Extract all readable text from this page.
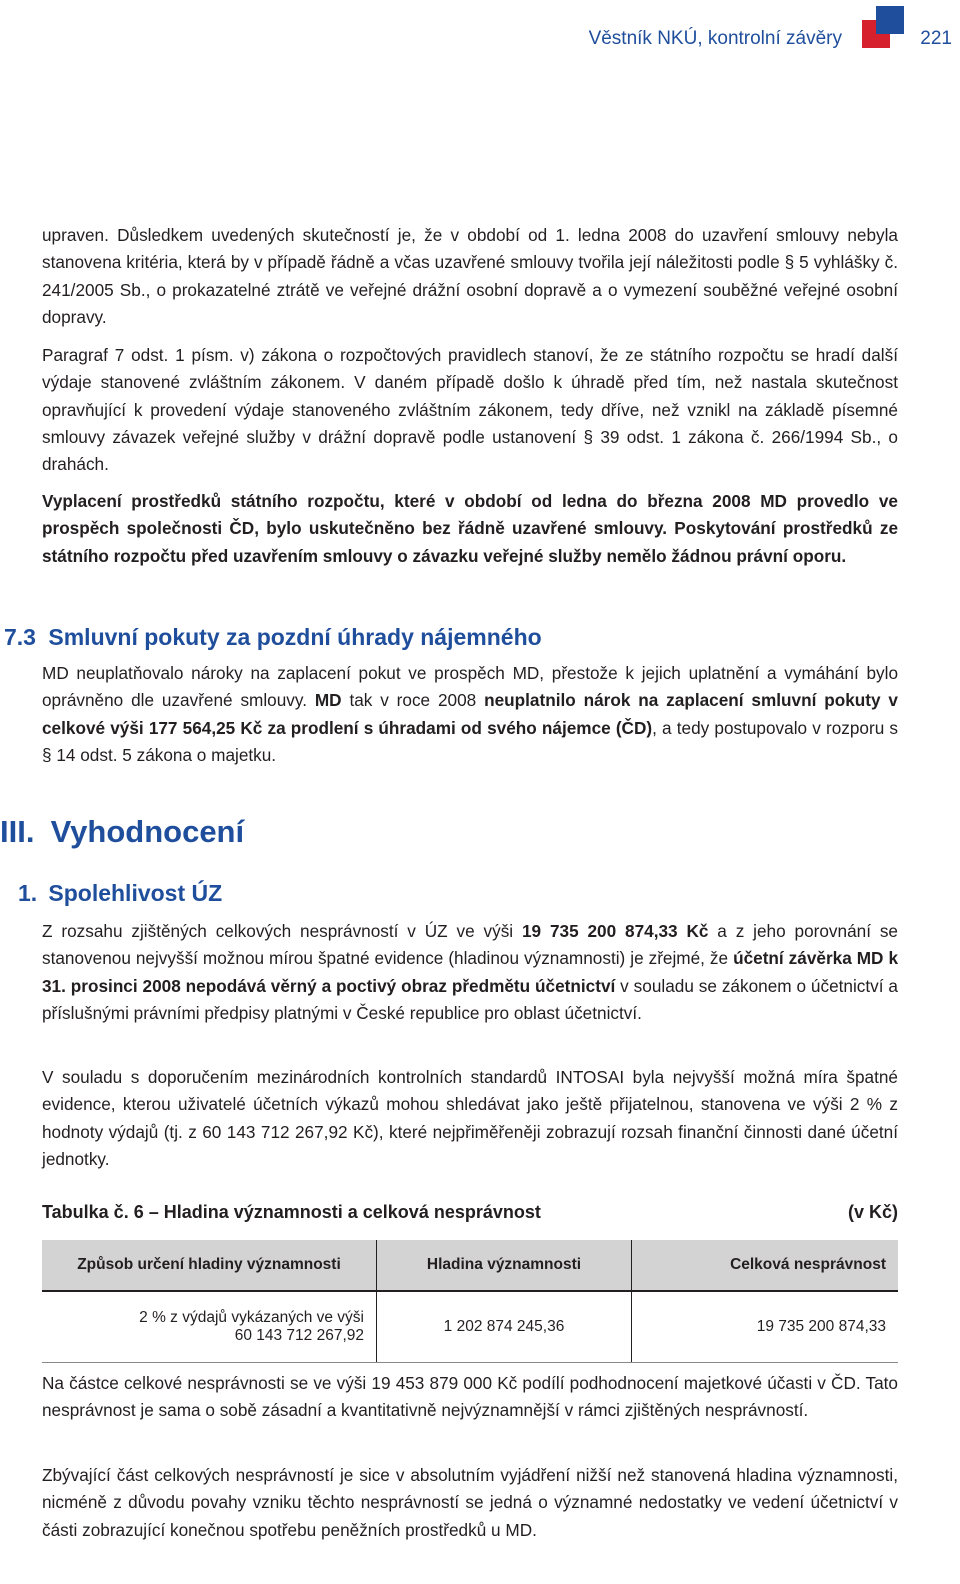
Věstník NKÚ, kontrolní závěry	221
upraven. Důsledkem uvedených skutečností je, že v období od 1. ledna 2008 do uzavření smlouvy nebyla stanovena kritéria, která by v případě řádně a včas uzavřené smlouvy tvořila její náležitosti podle § 5 vyhlášky č. 241/2005 Sb., o prokazatelné ztrátě ve veřejné drážní osobní dopravě a o vymezení souběžné veřejné osobní dopravy.
Paragraf 7 odst. 1 písm. v) zákona o rozpočtových pravidlech stanoví, že ze státního rozpočtu se hradí další výdaje stanovené zvláštním zákonem. V daném případě došlo k úhradě před tím, než nastala skutečnost opravňující k provedení výdaje stanoveného zvláštním zákonem, tedy dříve, než vznikl na základě písemné smlouvy závazek veřejné služby v drážní dopravě podle ustanovení § 39 odst. 1 zákona č. 266/1994 Sb., o drahách.
Vyplacení prostředků státního rozpočtu, které v období od ledna do března 2008 MD provedlo ve prospěch společnosti ČD, bylo uskutečněno bez řádně uzavřené smlouvy. Poskytování prostředků ze státního rozpočtu před uzavřením smlouvy o závazku veřejné služby nemělo žádnou právní oporu.
7.3 Smluvní pokuty za pozdní úhrady nájemného
MD neuplatňovalo nároky na zaplacení pokut ve prospěch MD, přestože k jejich uplatnění a vymáhání bylo oprávněno dle uzavřené smlouvy. MD tak v roce 2008 neuplatnilo nárok na zaplacení smluvní pokuty v celkové výši 177 564,25 Kč za prodlení s úhradami od svého nájemce (ČD), a tedy postupovalo v rozporu s § 14 odst. 5 zákona o majetku.
III. Vyhodnocení
1. Spolehlivost ÚZ
Z rozsahu zjištěných celkových nesprávností v ÚZ ve výši 19 735 200 874,33 Kč a z jeho porovnání se stanovenou nejvyšší možnou mírou špatné evidence (hladinou významnosti) je zřejmé, že účetní závěrka MD k 31. prosinci 2008 nepodává věrný a poctivý obraz předmětu účetnictví v souladu se zákonem o účetnictví a příslušnými právními předpisy platnými v České republice pro oblast účetnictví.
V souladu s doporučením mezinárodních kontrolních standardů INTOSAI byla nejvyšší možná míra špatné evidence, kterou uživatelé účetních výkazů mohou shledávat jako ještě přijatelnou, stanovena ve výši 2 % z hodnoty výdajů (tj. z 60 143 712 267,92 Kč), které nejpřiměřeněji zobrazují rozsah finanční činnosti dané účetní jednotky.
Tabulka č. 6 – Hladina významnosti a celková nesprávnost	(v Kč)
Způsob určení hladiny významnosti	Hladina významnosti	Celková nesprávnost

2 % z výdajů vykázaných ve výši
60 143 712 267,92	1 202 874 245,36	19 735 200 874,33
Na částce celkové nesprávnosti se ve výši 19 453 879 000 Kč podílí podhodnocení majetkové účasti v ČD. Tato nesprávnost je sama o sobě zásadní a kvantitativně nejvýznamnější v rámci zjištěných nesprávností.
Zbývající část celkových nesprávností je sice v absolutním vyjádření nižší než stanovená hladina významnosti, nicméně z důvodu povahy vzniku těchto nesprávností se jedná o významné nedostatky ve vedení účetnictví v části zobrazující konečnou spotřebu peněžních prostředků u MD.
